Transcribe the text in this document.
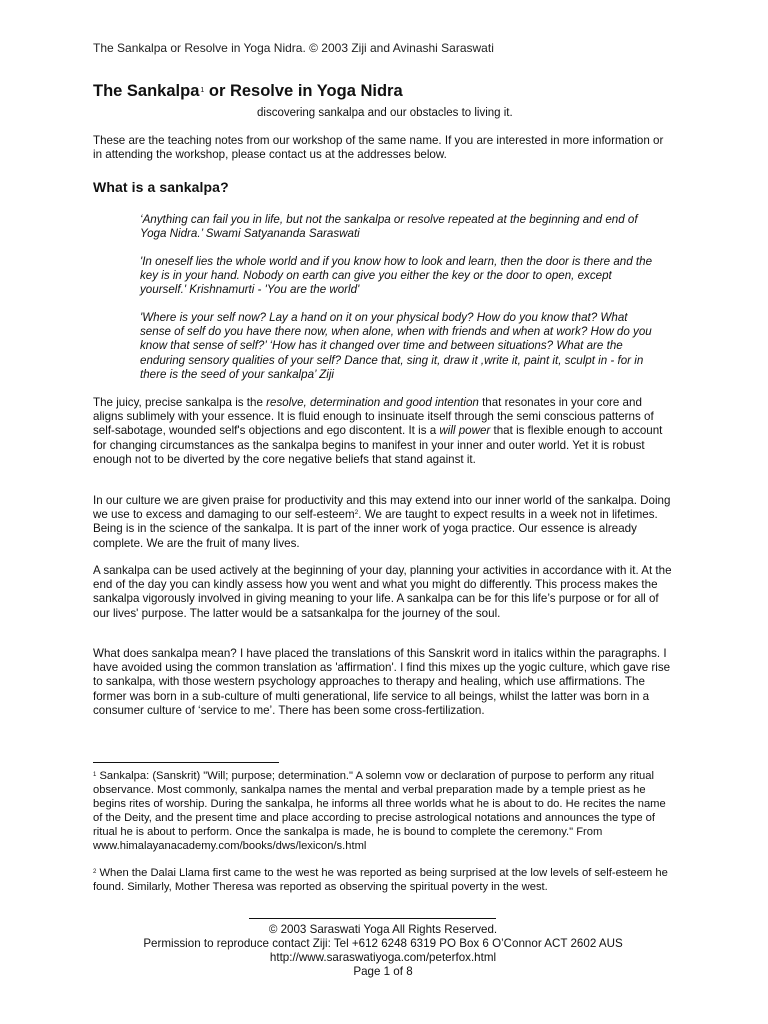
The Sankalpa or Resolve in Yoga Nidra. © 2003 Ziji and Avinashi Saraswati
The Sankalpa$^1$ or Resolve in Yoga Nidra
discovering sankalpa and our obstacles to living it.
These are the teaching notes from our workshop of the same name. If you are interested in more information or in attending the workshop, please contact us at the addresses below.
What is a sankalpa?
‘Anything can fail you in life, but not the sankalpa or resolve repeated at the beginning and end of Yoga Nidra.’ Swami Satyananda Saraswati
'In oneself lies the whole world and if you know how to look and learn, then the door is there and the key is in your hand. Nobody on earth can give you either the key or the door to open, except yourself.' Krishnamurti - 'You are the world'
'Where is your self now? Lay a hand on it on your physical body? How do you know that? What sense of self do you have there now, when alone, when with friends and when at work? How do you know that sense of self?’ ‘How has it changed over time and between situations? What are the enduring sensory qualities of your self? Dance that, sing it, draw it ,write it, paint it, sculpt in - for in there is the seed of your sankalpa’ Ziji
The juicy, precise sankalpa is the resolve, determination and good intention that resonates in your core and aligns sublimely with your essence. It is fluid enough to insinuate itself through the semi conscious patterns of self-sabotage, wounded self's objections and ego discontent. It is a will power that is flexible enough to account for changing circumstances as the sankalpa begins to manifest in your inner and outer world. Yet it is robust enough not to be diverted by the core negative beliefs that stand against it.
In our culture we are given praise for productivity and this may extend into our inner world of the sankalpa. Doing we use to excess and damaging to our self-esteem$^2$. We are taught to expect results in a week not in lifetimes. Being is in the science of the sankalpa. It is part of the inner work of yoga practice. Our essence is already complete. We are the fruit of many lives.
A sankalpa can be used actively at the beginning of your day, planning your activities in accordance with it. At the end of the day you can kindly assess how you went and what you might do differently. This process makes the sankalpa vigorously involved in giving meaning to your life. A sankalpa can be for this life’s purpose or for all of our lives' purpose. The latter would be a satsankalpa for the journey of the soul.
What does sankalpa mean? I have placed the translations of this Sanskrit word in italics within the paragraphs. I have avoided using the common translation as 'affirmation'. I find this mixes up the yogic culture, which gave rise to sankalpa, with those western psychology approaches to therapy and healing, which use affirmations. The former was born in a sub-culture of multi generational, life service to all beings, whilst the latter was born in a consumer culture of ‘service to me’. There has been some cross-fertilization.
$^1$ Sankalpa: (Sanskrit) "Will; purpose; determination." A solemn vow or declaration of purpose to perform any ritual observance. Most commonly, sankalpa names the mental and verbal preparation made by a temple priest as he begins rites of worship. During the sankalpa, he informs all three worlds what he is about to do. He recites the name of the Deity, and the present time and place according to precise astrological notations and announces the type of ritual he is about to perform. Once the sankalpa is made, he is bound to complete the ceremony." From www.himalayanacademy.com/books/dws/lexicon/s.html
$^2$ When the Dalai Llama first came to the west he was reported as being surprised at the low levels of self-esteem he found. Similarly, Mother Theresa was reported as observing the spiritual poverty in the west.
© 2003 Saraswati Yoga All Rights Reserved.
Permission to reproduce contact Ziji: Tel +612 6248 6319 PO Box 6 O’Connor ACT 2602 AUS
http://www.saraswatiyoga.com/peterfox.html
Page 1 of 8
